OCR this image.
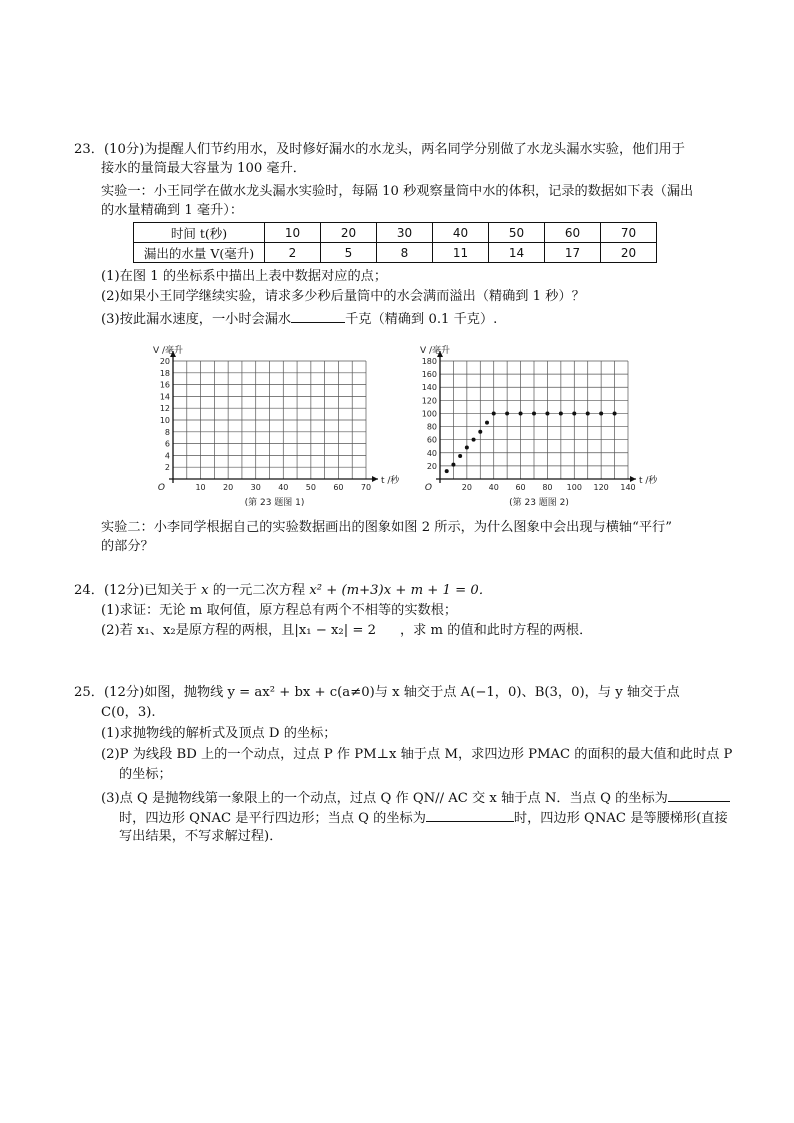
23．(10分)为提醒人们节约用水，及时修好漏水的水龙头，两名同学分别做了水龙头漏水实验，他们用于
接水的量筒最大容量为 100 毫升．
实验一：小王同学在做水龙头漏水实验时，每隔 10 秒观察量筒中水的体积，记录的数据如下表（漏出
的水量精确到 1 毫升）：
时间 t(秒)	10	20	30	40	50	60	70
漏出的水量 V(毫升)	2	5	8	11	14	17	20
(1)在图 1 的坐标系中描出上表中数据对应的点；
(2)如果小王同学继续实验，请求多少秒后量筒中的水会满而溢出（精确到 1 秒）？
(3)按此漏水速度，一小时会漏水	千克（精确到 0.1 千克）.
10 20 30 40 50 60 70
2
4
6
8
10
12
14
16
18
20
O
V /毫升
t /秒
(第 23 题图 1)
20 40 60 80 100 120 140
20
40
60
80
100
120
140
160
180
O
V /毫升
t /秒
(第 23 题图 2)
实验二：小李同学根据自己的实验数据画出的图象如图 2 所示，为什么图象中会出现与横轴“平行”
的部分？
24．(12分)已知关于 x 的一元二次方程 x² + (m+3)x + m + 1 = 0．
(1)求证：无论 m 取何值，原方程总有两个不相等的实数根；
(2)若 x₁、x₂是原方程的两根，且|x₁ − x₂| = 2 ，求 m 的值和此时方程的两根．
25．(12分)如图，抛物线 y = ax² + bx + c(a≠0)与 x 轴交于点 A(−1，0)、B(3，0)，与 y 轴交于点
C(0，3).
(1)求抛物线的解析式及顶点 D 的坐标；
(2)P 为线段 BD 上的一个动点，过点 P 作 PM⊥x 轴于点 M，求四边形 PMAC 的面积的最大值和此时点 P
的坐标；
(3)点 Q 是抛物线第一象限上的一个动点，过点 Q 作 QN// AC 交 x 轴于点 N．当点 Q 的坐标为
时，四边形 QNAC 是平行四边形；当点 Q 的坐标为	时，四边形 QNAC 是等腰梯形(直接
写出结果，不写求解过程)．
